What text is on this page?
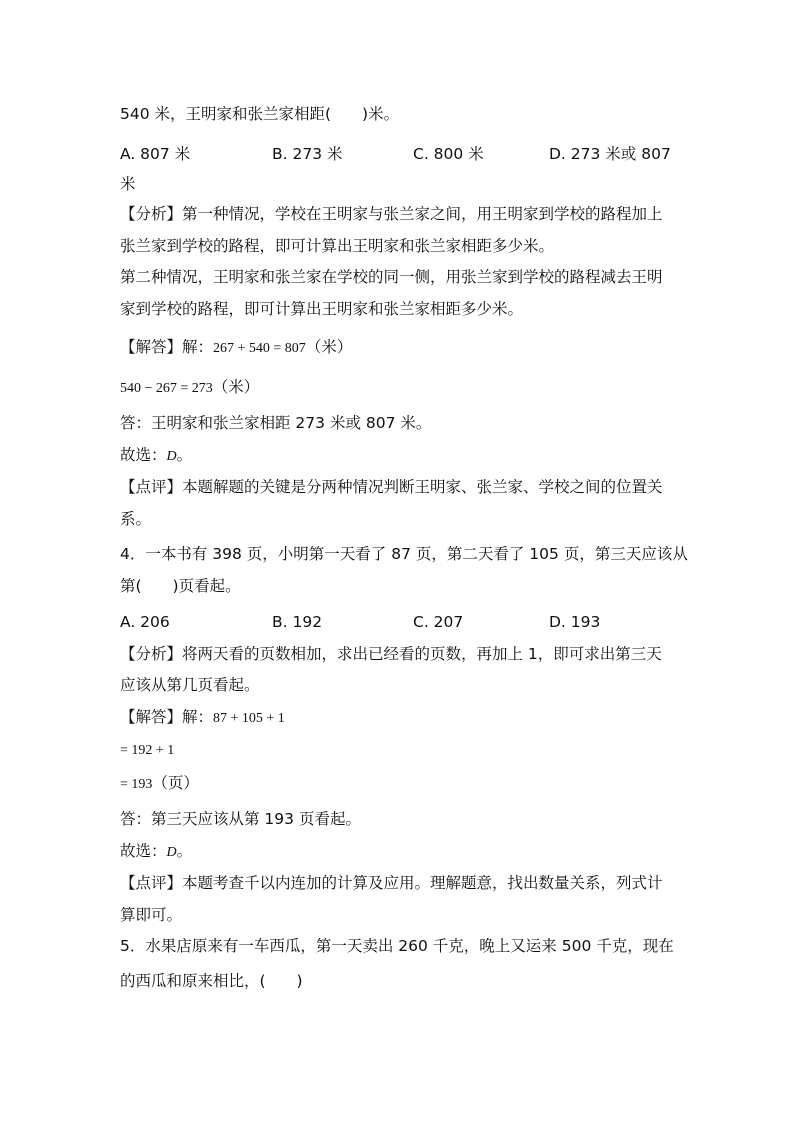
540 米，王明家和张兰家相距(　　)米。
A. 807 米	B. 273 米	C. 800 米	D. 273 米或 807
米
【分析】第一种情况，学校在王明家与张兰家之间，用王明家到学校的路程加上
张兰家到学校的路程，即可计算出王明家和张兰家相距多少米。
第二种情况，王明家和张兰家在学校的同一侧，用张兰家到学校的路程减去王明
家到学校的路程，即可计算出王明家和张兰家相距多少米。
【解答】解：267 + 540 = 807（米）
540 − 267 = 273（米）
答：王明家和张兰家相距 273 米或 807 米。
故选：D。
【点评】本题解题的关键是分两种情况判断王明家、张兰家、学校之间的位置关
系。
4．一本书有 398 页，小明第一天看了 87 页，第二天看了 105 页，第三天应该从
第(　　)页看起。
A. 206	B. 192	C. 207	D. 193
【分析】将两天看的页数相加，求出已经看的页数，再加上 1，即可求出第三天
应该从第几页看起。
【解答】解：87 + 105 + 1
= 192 + 1
= 193（页）
答：第三天应该从第 193 页看起。
故选：D。
【点评】本题考查千以内连加的计算及应用。理解题意，找出数量关系，列式计
算即可。
5．水果店原来有一车西瓜，第一天卖出 260 千克，晚上又运来 500 千克，现在
的西瓜和原来相比，(　　)
